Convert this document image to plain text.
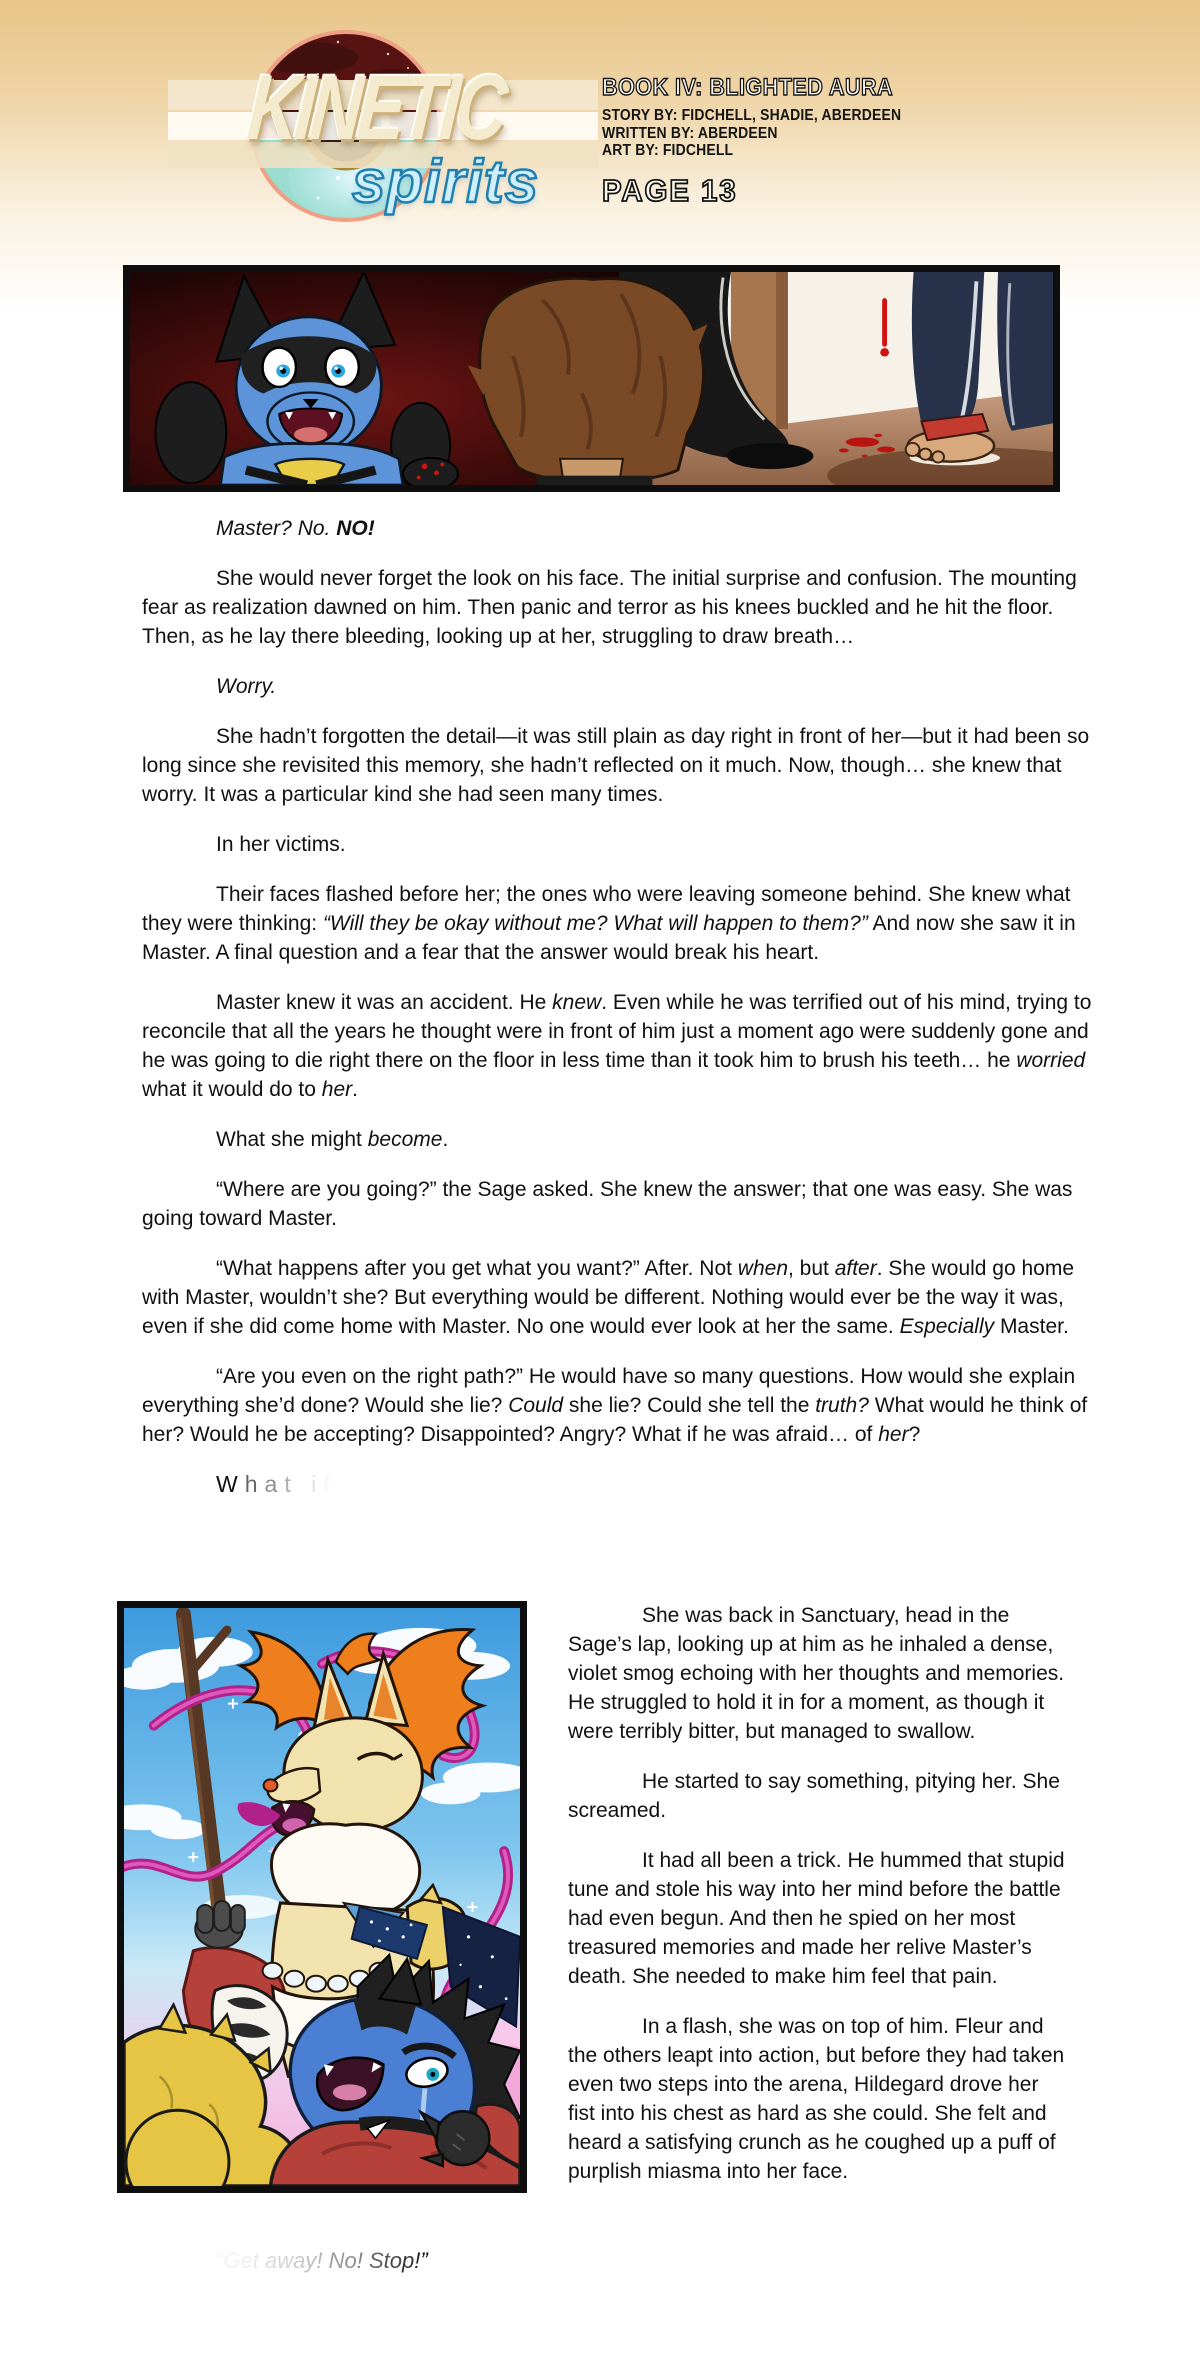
KINETIC
spirits
BOOK IV: BLIGHTED AURA
STORY BY: FIDCHELL, SHADIE, ABERDEEN
WRITTEN BY: ABERDEEN
ART BY: FIDCHELL
PAGE 13

Master? No. NO!

She would never forget the look on his face. The initial surprise and confusion. The mounting fear as realization dawned on him. Then panic and terror as his knees buckled and he hit the floor. Then, as he lay there bleeding, looking up at her, struggling to draw breath…

Worry.

She hadn’t forgotten the detail—it was still plain as day right in front of her—but it had been so long since she revisited this memory, she hadn’t reflected on it much. Now, though… she knew that worry. It was a particular kind she had seen many times.

In her victims.

Their faces flashed before her; the ones who were leaving someone behind. She knew what they were thinking: “Will they be okay without me? What will happen to them?” And now she saw it in Master. A final question and a fear that the answer would break his heart.

Master knew it was an accident. He knew. Even while he was terrified out of his mind, trying to reconcile that all the years he thought were in front of him just a moment ago were suddenly gone and he was going to die right there on the floor in less time than it took him to brush his teeth… he worried what it would do to her.

What she might become.

“Where are you going?” the Sage asked. She knew the answer; that one was easy. She was going toward Master.

“What happens after you get what you want?” After. Not when, but after. She would go home with Master, wouldn’t she? But everything would be different. Nothing would ever be the way it was, even if she did come home with Master. No one would ever look at her the same. Especially Master.

“Are you even on the right path?” He would have so many questions. How would she explain everything she’d done? Would she lie? Could she lie? Could she tell the truth? What would he think of her? Would he be accepting? Disappointed? Angry? What if he was afraid… of her?

What i

She was back in Sanctuary, head in the Sage’s lap, looking up at him as he inhaled a dense, violet smog echoing with her thoughts and memories. He struggled to hold it in for a moment, as though it were terribly bitter, but managed to swallow.

He started to say something, pitying her. She screamed.

It had all been a trick. He hummed that stupid tune and stole his way into her mind before the battle had even begun. And then he spied on her most treasured memories and made her relive Master’s death. She needed to make him feel that pain.

In a flash, she was on top of him. Fleur and the others leapt into action, but before they had taken even two steps into the arena, Hildegard drove her fist into his chest as hard as she could. She felt and heard a satisfying crunch as he coughed up a puff of purplish miasma into her face.

et away! No! Stop!”
